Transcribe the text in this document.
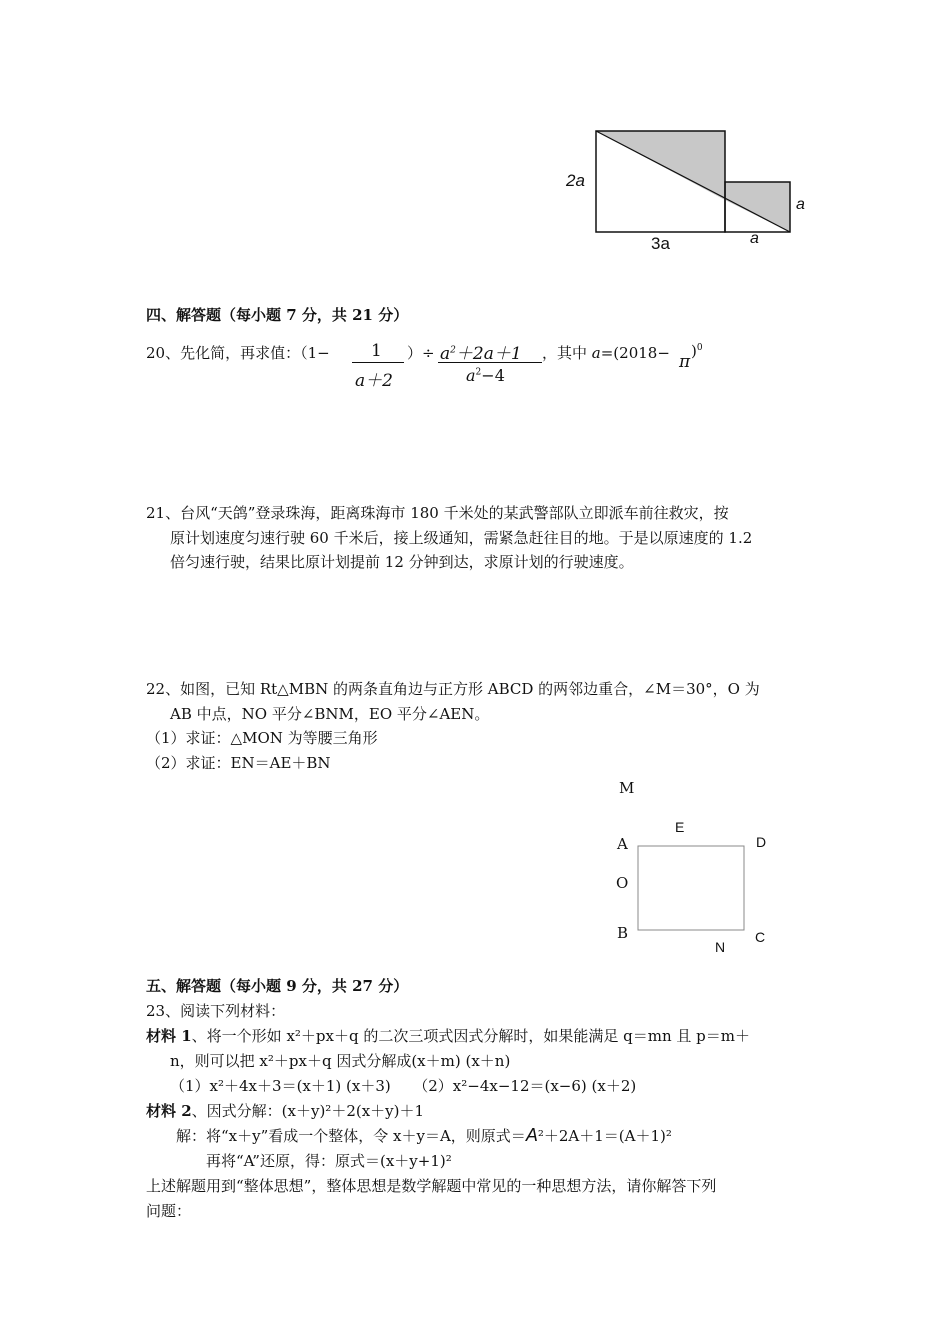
2a
3a	a
a
四、解答题（每小题 7 分，共 21 分）
20、先化简，再求值：（1− 1
a＋2
）÷ $a^2+2a+1$
$a^2-4$
，其中 a=(2018− π
)$^0$
21、台风“天鸽”登录珠海，距离珠海市 180 千米处的某武警部队立即派车前往救灾，按
原计划速度匀速行驶 60 千米后，接上级通知，需紧急赶往目的地。于是以原速度的 1.2
倍匀速行驶，结果比原计划提前 12 分钟到达，求原计划的行驶速度。
22、如图，已知 Rt△MBN 的两条直角边与正方形 ABCD 的两邻边重合，∠M＝30°，O 为
AB 中点，NO 平分∠BNM，EO 平分∠AEN。
（1）求证：△MON 为等腰三角形
（2）求证：EN＝AE＋BN
M
E
A	D
O
B
N
C
五、解答题（每小题 9 分，共 27 分）
23、阅读下列材料：
材料 1、将一个形如 x²＋px＋q 的二次三项式因式分解时，如果能满足 q＝mn 且 p＝m＋
n，则可以把 x²＋px＋q 因式分解成(x＋m) (x＋n)
（1）x²＋4x＋3＝(x＋1) (x＋3)　　（2）x²−4x−12＝(x−6) (x＋2)
材料 2、因式分解：(x＋y)²＋2(x＋y)＋1
解：将“x＋y”看成一个整体，令 x＋y＝A，则原式＝A²＋2A＋1＝(A＋1)²
再将“A”还原，得：原式＝(x＋y+1)²
上述解题用到“整体思想”，整体思想是数学解题中常见的一种思想方法，请你解答下列
问题：
